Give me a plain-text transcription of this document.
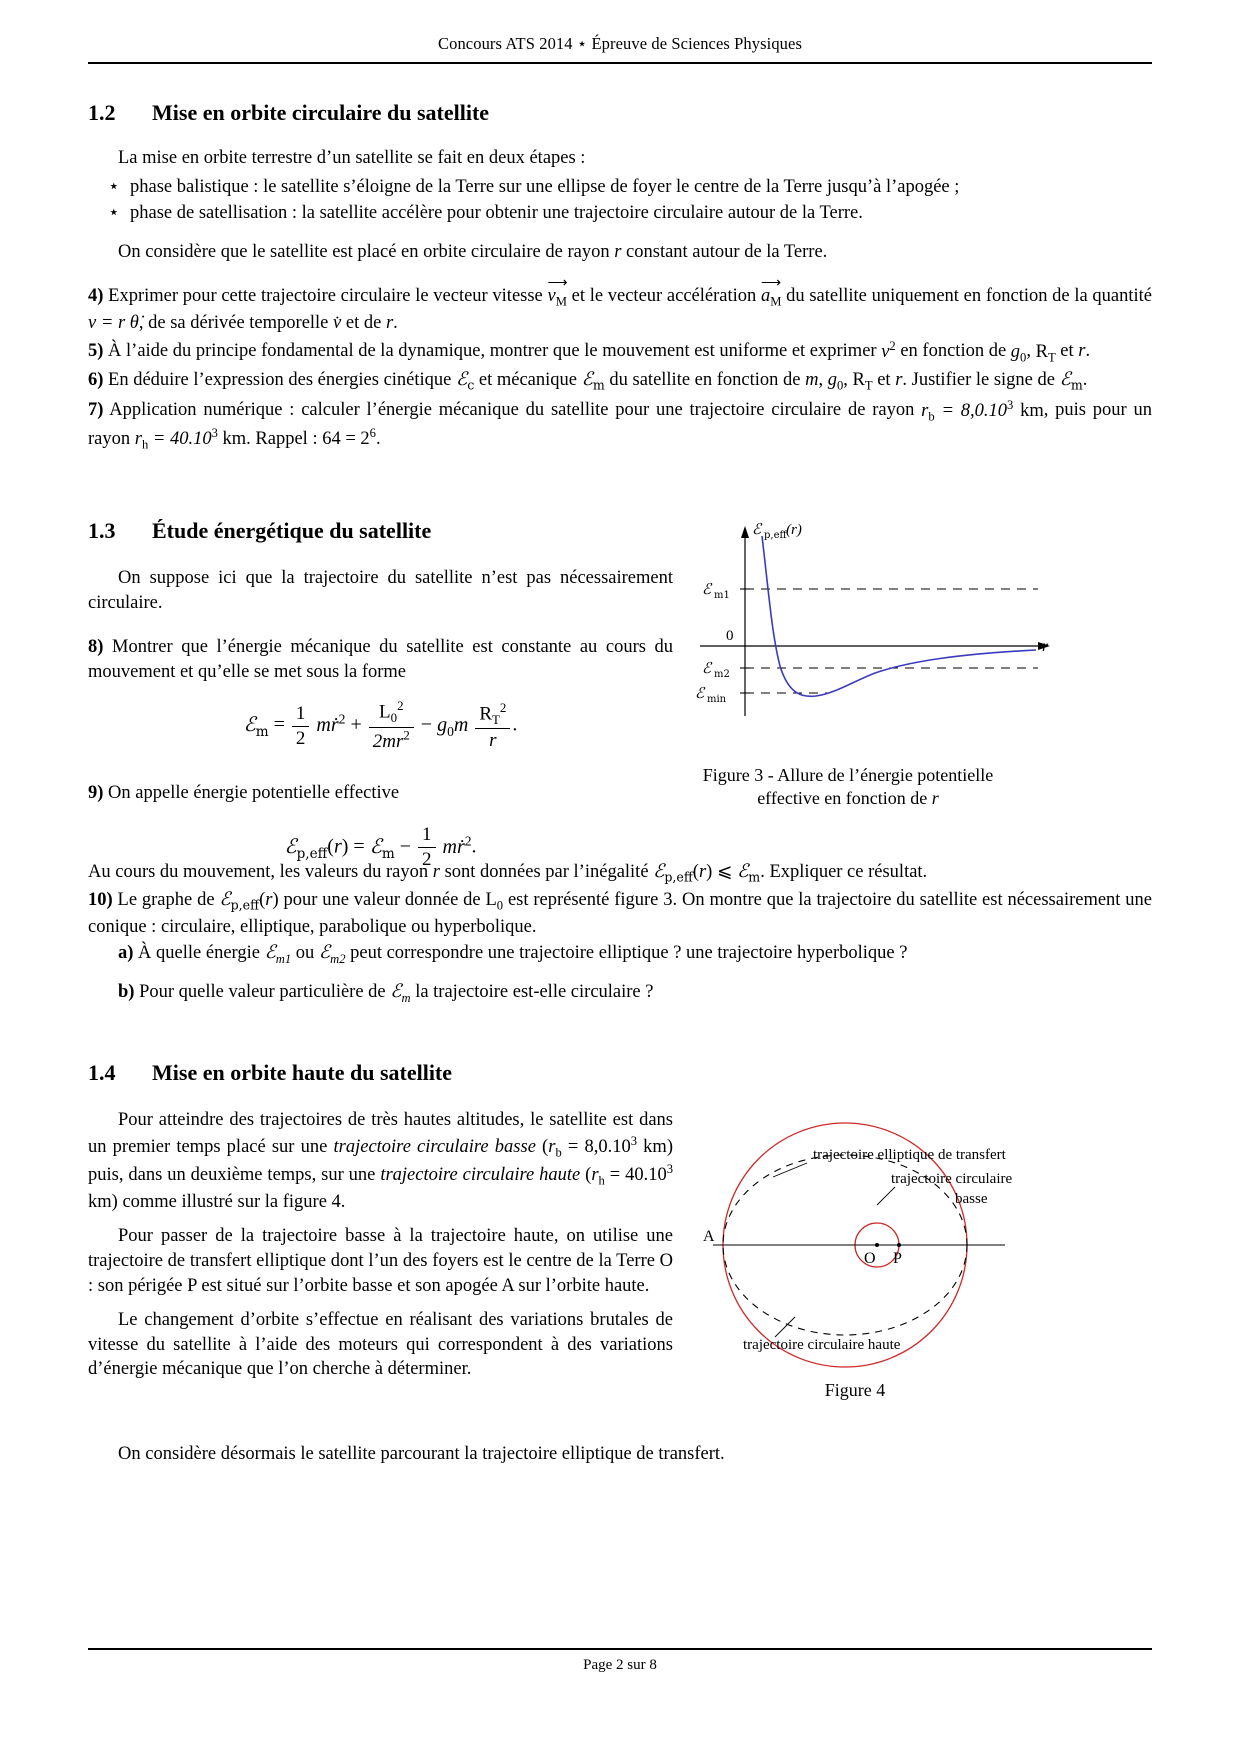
Concours ATS 2014 ⋆ Épreuve de Sciences Physiques
1.2 Mise en orbite circulaire du satellite

La mise en orbite terrestre d’un satellite se fait en deux étapes :

⋆ phase balistique : le satellite s’éloigne de la Terre sur une ellipse de foyer le centre de la Terre jusqu’à l’apogée ;
⋆ phase de satellisation : la satellite accélère pour obtenir une trajectoire circulaire autour de la Terre.

On considère que le satellite est placé en orbite circulaire de rayon r constant autour de la Terre.

4) Exprimer pour cette trajectoire circulaire le vecteur vitesse
⟶
$v_M$ et le vecteur accélération
⟶
$a_M$ du satellite uniquement en fonction de la quantité v = r θ̇, de sa dérivée temporelle v̇ et de r.

5) À l’aide du principe fondamental de la dynamique, montrer que le mouvement est uniforme et exprimer $v^2$ en fonction de $g_0$, $R_T$ et r.

6) En déduire l’expression des énergies cinétique ℰ$_c$ et mécanique ℰ$_m$ du satellite en fonction de m, $g_0$, $R_T$ et r. Justifier le signe de ℰ$_m$.

7) Application numérique : calculer l’énergie mécanique du satellite pour une trajectoire circulaire de rayon $r_b = 8,0.10^3$ km, puis pour un rayon $r_h = 40.10^3$ km. Rappel : $64 = 2^6$.

1.3 Étude énergétique du satellite

On suppose ici que la trajectoire du satellite n’est pas nécessairement circulaire.

8) Montrer que l’énergie mécanique du satellite est constante au cours du mouvement et qu’elle se met sous la forme

ℰ$_m$ = $\frac{1}{2}$ mṙ$^2$ + $\frac{L_0^2}{2mr^2} - g_0m \frac{R_T^2}{r}$ .

9) On appelle énergie potentielle effective

ℰ$_{p,eff}$(r) = ℰ$_m$ − $\frac{1}{2}$ mṙ$^2$.
ℰ p,eff (r)
r
0
ℰ m1
ℰ m2
ℰ min
Figure 3 - Allure de l’énergie potentielle
effective en fonction de r

Au cours du mouvement, les valeurs du rayon r sont données par l’inégalité ℰ$_{p,eff}$(r) ⩽ ℰ$_m$. Expliquer ce résultat.

10) Le graphe de ℰ$_{p,eff}$(r) pour une valeur donnée de $L_0$ est représenté figure 3. On montre que la trajectoire du satellite est nécessairement une conique : circulaire, elliptique, parabolique ou hyperbolique.

a) À quelle énergie ℰ$_{m1}$ ou ℰ$_{m2}$ peut correspondre une trajectoire elliptique ? une trajectoire hyperbolique ?

b) Pour quelle valeur particulière de ℰ$_m$ la trajectoire est-elle circulaire ?

1.4 Mise en orbite haute du satellite

Pour atteindre des trajectoires de très hautes altitudes, le satellite est dans un premier temps placé sur une trajectoire circulaire basse ($r_b = 8,0.10^3$ km) puis, dans un deuxième temps, sur une trajectoire circulaire haute ($r_h = 40.10^3$ km) comme illustré sur la figure 4.

Pour passer de la trajectoire basse à la trajectoire haute, on utilise une trajectoire de transfert elliptique dont l’un des foyers est le centre de la Terre O : son périgée P est situé sur l’orbite basse et son apogée A sur l’orbite haute.

Le changement d’orbite s’effectue en réalisant des variations brutales de vitesse du satellite à l’aide des moteurs qui correspondent à des variations d’énergie mécanique que l’on cherche à déterminer.

trajectoire elliptique de transfert
trajectoire circulaire
basse
trajectoire circulaire haute
A
O P
Figure 4

On considère désormais le satellite parcourant la trajectoire elliptique de transfert.

Page 2 sur 8
